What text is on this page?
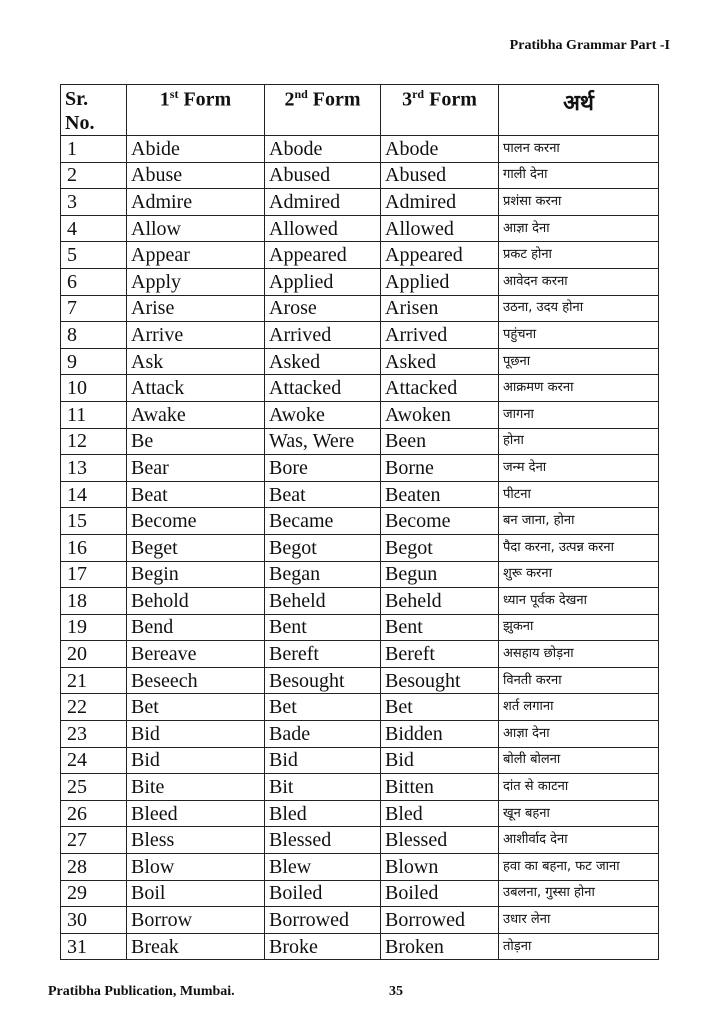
Pratibha Grammar Part -I
Sr.
No.	1st Form	2nd Form	3rd Form	अर्थ
1	Abide	Abode	Abode	पालन करना
2	Abuse	Abused	Abused	गाली देना
3	Admire	Admired	Admired	प्रशंसा करना
4	Allow	Allowed	Allowed	आज्ञा देना
5	Appear	Appeared	Appeared	प्रकट होना
6	Apply	Applied	Applied	आवेदन करना
7	Arise	Arose	Arisen	उठना, उदय होना
8	Arrive	Arrived	Arrived	पहुंचना
9	Ask	Asked	Asked	पूछना
10	Attack	Attacked	Attacked	आक्रमण करना
11	Awake	Awoke	Awoken	जागना
12	Be	Was, Were	Been	होना
13	Bear	Bore	Borne	जन्म देना
14	Beat	Beat	Beaten	पीटना
15	Become	Became	Become	बन जाना, होना
16	Beget	Begot	Begot	पैदा करना, उत्पन्न करना
17	Begin	Began	Begun	शुरू करना
18	Behold	Beheld	Beheld	ध्यान पूर्वक देखना
19	Bend	Bent	Bent	झुकना
20	Bereave	Bereft	Bereft	असहाय छोड़ना
21	Beseech	Besought	Besought	विनती करना
22	Bet	Bet	Bet	शर्त लगाना
23	Bid	Bade	Bidden	आज्ञा देना
24	Bid	Bid	Bid	बोली बोलना
25	Bite	Bit	Bitten	दांत से काटना
26	Bleed	Bled	Bled	खून बहना
27	Bless	Blessed	Blessed	आशीर्वाद देना
28	Blow	Blew	Blown	हवा का बहना, फट जाना
29	Boil	Boiled	Boiled	उबलना, गुस्सा होना
30	Borrow	Borrowed	Borrowed	उधार लेना
31	Break	Broke	Broken	तोड़ना
Pratibha Publication, Mumbai.	35
